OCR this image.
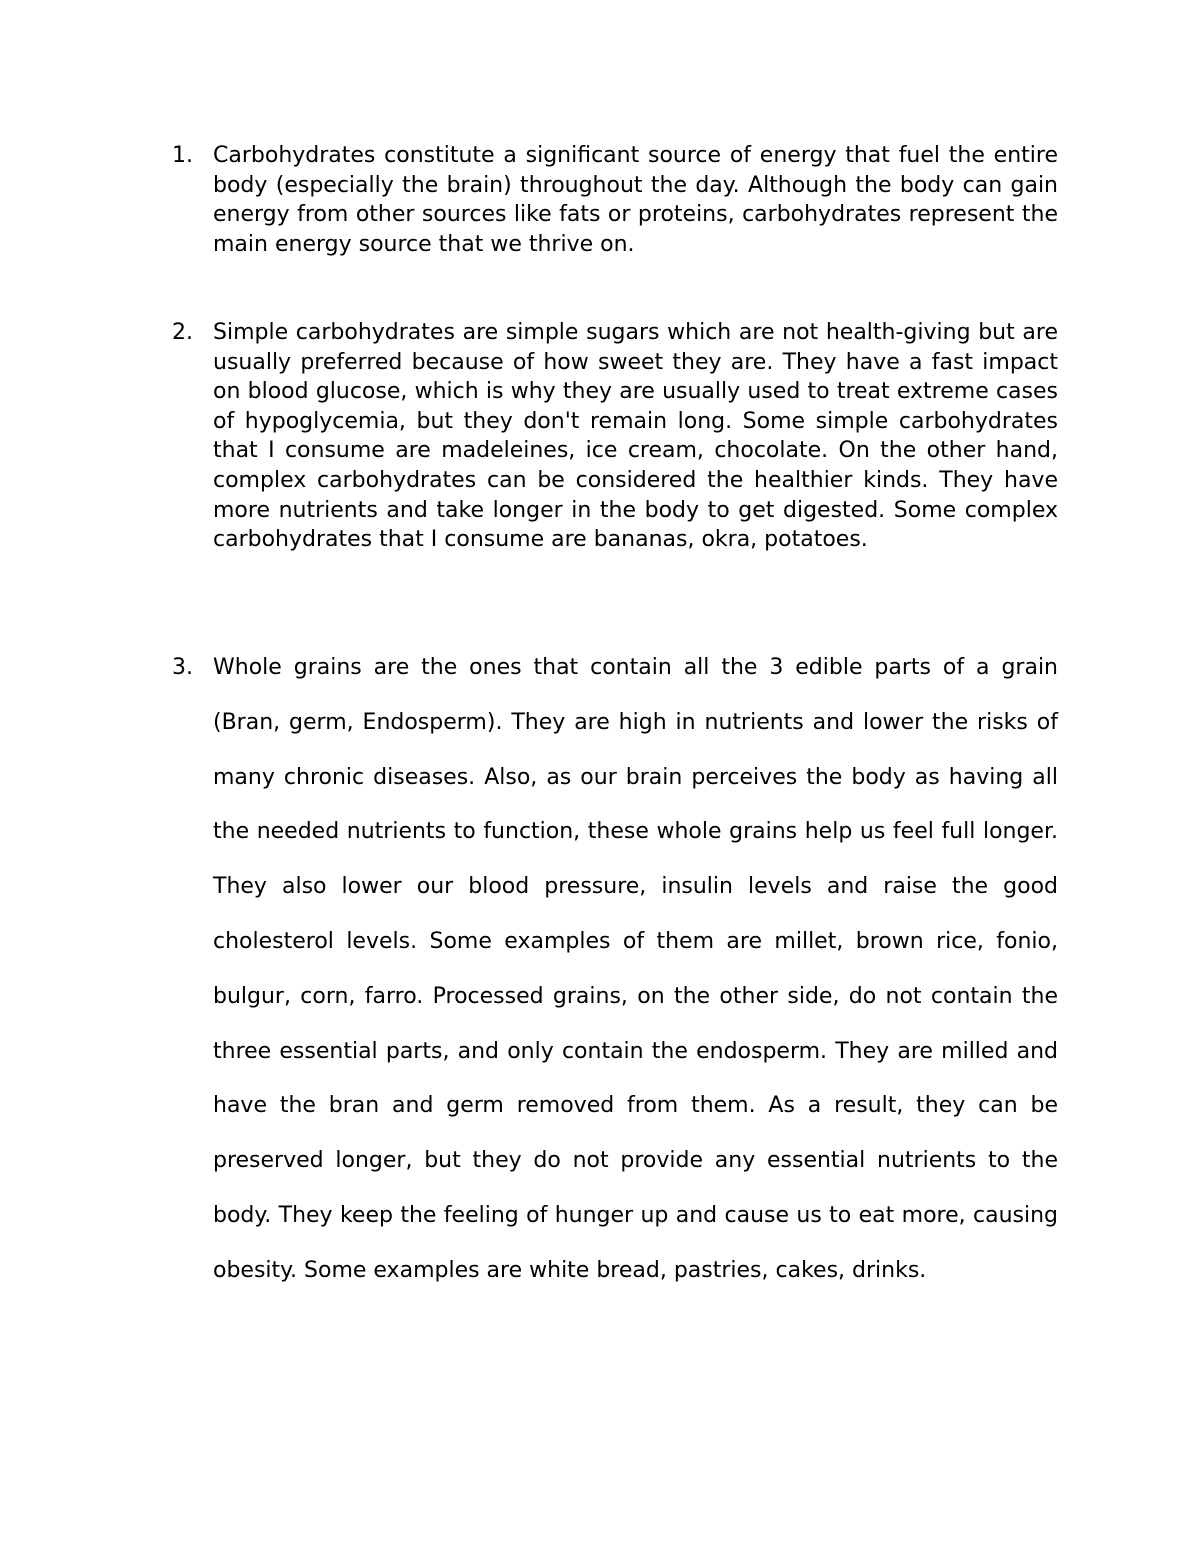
1. Carbohydrates constitute a significant source of energy that fuel the entire body (especially the brain) throughout the day. Although the body can gain energy from other sources like fats or proteins, carbohydrates represent the main energy source that we thrive on.

2. Simple carbohydrates are simple sugars which are not health-giving but are usually preferred because of how sweet they are. They have a fast impact on blood glucose, which is why they are usually used to treat extreme cases of hypoglycemia, but they don't remain long. Some simple carbohydrates that I consume are madeleines, ice cream, chocolate. On the other hand, complex carbohydrates can be considered the healthier kinds. They have more nutrients and take longer in the body to get digested. Some complex carbohydrates that I consume are bananas, okra, potatoes.

3. Whole grains are the ones that contain all the 3 edible parts of a grain (Bran, germ, Endosperm). They are high in nutrients and lower the risks of many chronic diseases. Also, as our brain perceives the body as having all the needed nutrients to function, these whole grains help us feel full longer. They also lower our blood pressure, insulin levels and raise the good cholesterol levels. Some examples of them are millet, brown rice, fonio, bulgur, corn, farro. Processed grains, on the other side, do not contain the three essential parts, and only contain the endosperm. They are milled and have the bran and germ removed from them. As a result, they can be preserved longer, but they do not provide any essential nutrients to the body. They keep the feeling of hunger up and cause us to eat more, causing obesity. Some examples are white bread, pastries, cakes, drinks.
